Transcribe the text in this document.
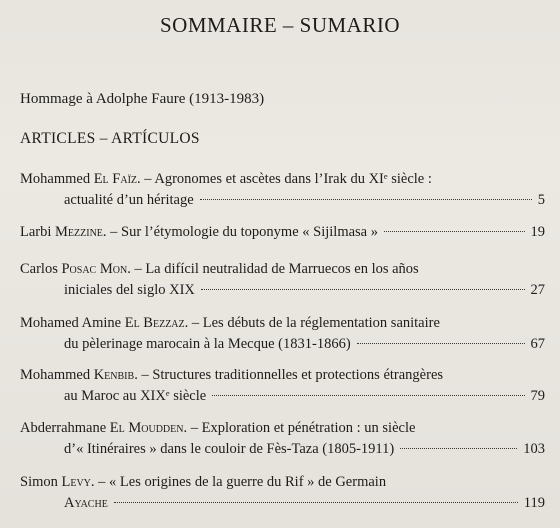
SOMMAIRE – SUMARIO
Hommage à Adolphe Faure (1913-1983)
ARTICLES – ARTÍCULOS
Mohammed
El Faïz . – Agronomes et ascètes dans l’Irak du XIᵉ siècle :
actualité d’un héritage	5
Larbi
Mezzine . – Sur l’étymologie du toponyme « Sijilmasa »	19
Carlos
Posac Mon . – La difícil neutralidad de Marruecos en los años
iniciales del siglo XIX	27
Mohamed Amine
El Bezzaz . – Les débuts de la réglementation sanitaire
du pèlerinage marocain à la Mecque (1831-1866)	67
Mohammed
Kenbib . – Structures traditionnelles et protections étrangères
au Maroc au XIXᵉ siècle	79
Abderrahmane
El Moudden . – Exploration et pénétration : un siècle
d’« Itinéraires » dans le couloir de Fès-Taza (1805-1911)	103
Simon
Levy . – « Les origines de la guerre du Rif » de Germain
Ayache	119
